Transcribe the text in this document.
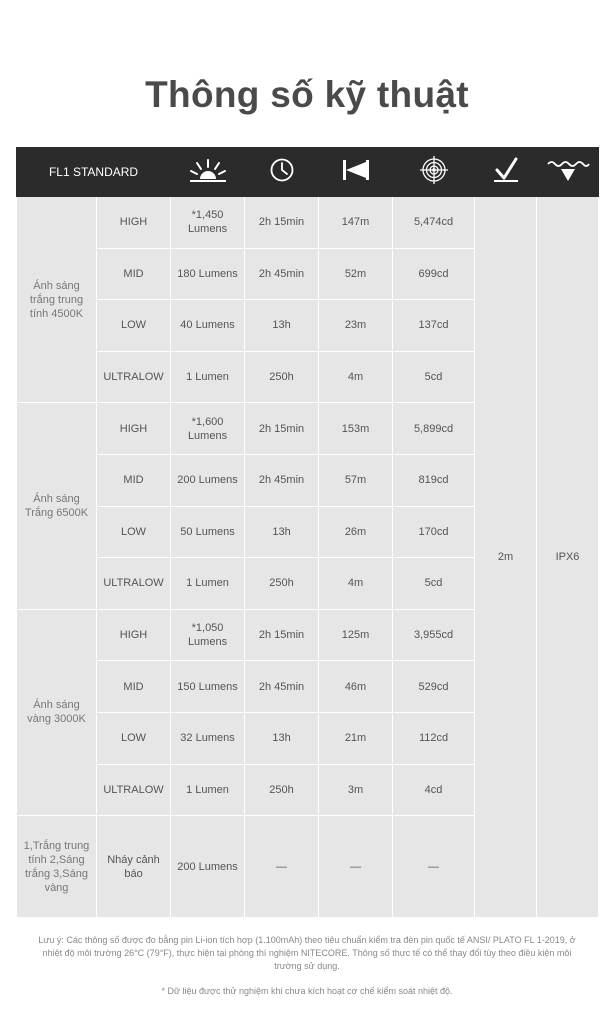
Thông số kỹ thuật
FL1 STANDARD						
Ánh sáng trắng trung tính 4500K	HIGH	*1,450 Lumens	2h 15min	147m	5,474cd	2m	IPX6
	MID	180 Lumens	2h 45min	52m	699cd		
	LOW	40 Lumens	13h	23m	137cd		
	ULTRALOW	1 Lumen	250h	4m	5cd		
Ánh sáng Trắng 6500K	HIGH	*1,600 Lumens	2h 15min	153m	5,899cd		
	MID	200 Lumens	2h 45min	57m	819cd		
	LOW	50 Lumens	13h	26m	170cd		
	ULTRALOW	1 Lumen	250h	4m	5cd		
Ánh sáng vàng 3000K	HIGH	*1,050 Lumens	2h 15min	125m	3,955cd		
	MID	150 Lumens	2h 45min	46m	529cd		
	LOW	32 Lumens	13h	21m	112cd		
	ULTRALOW	1 Lumen	250h	3m	4cd		
1,Trắng trung tính 2,Sáng trắng 3,Sáng vàng	Nháy cảnh báo	200 Lumens	—	—	—		

Lưu ý: Các thông số được đo bằng pin Li-ion tích hợp (1.100mAh) theo tiêu chuẩn kiểm tra đèn pin quốc tế ANSI/ PLATO FL 1-2019, ở nhiệt độ môi trường 26°C (79°F), thực hiện tại phòng thí nghiệm NITECORE. Thông số thực tế có thể thay đổi tùy theo điều kiện môi trường sử dụng.

* Dữ liệu được thử nghiệm khi chưa kích hoạt cơ chế kiểm soát nhiệt độ.
